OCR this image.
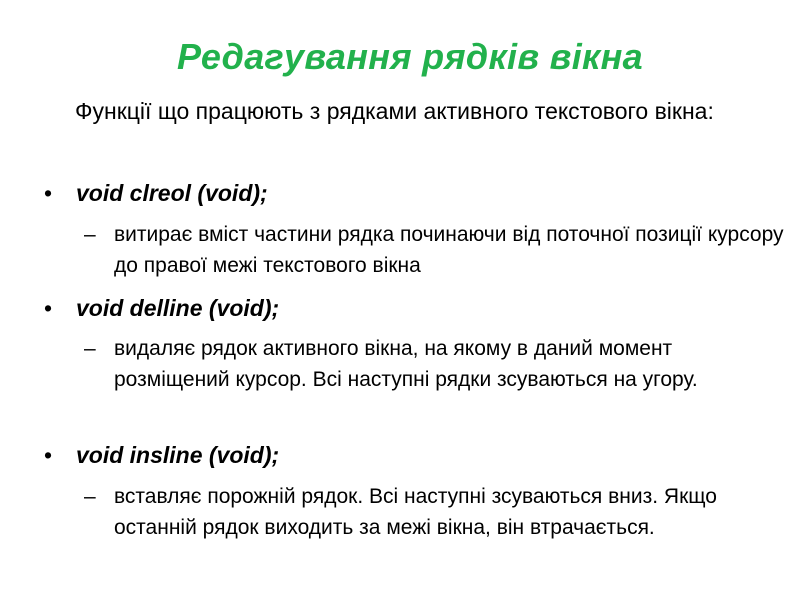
Редагування рядків вікна

Функції що працюють з рядками активного текстового вікна:

• void clreol (void);
– витирає вміст частини рядка починаючи від поточної позиції курсору до правої межі текстового вікна
• void delline (void);
– видаляє рядок активного вікна, на якому в даний момент розміщений курсор. Всі наступні рядки зсуваються на угору.
• void insline (void);
– вставляє порожній рядок. Всі наступні зсуваються вниз. Якщо останній рядок виходить за межі вікна, він втрачається.
